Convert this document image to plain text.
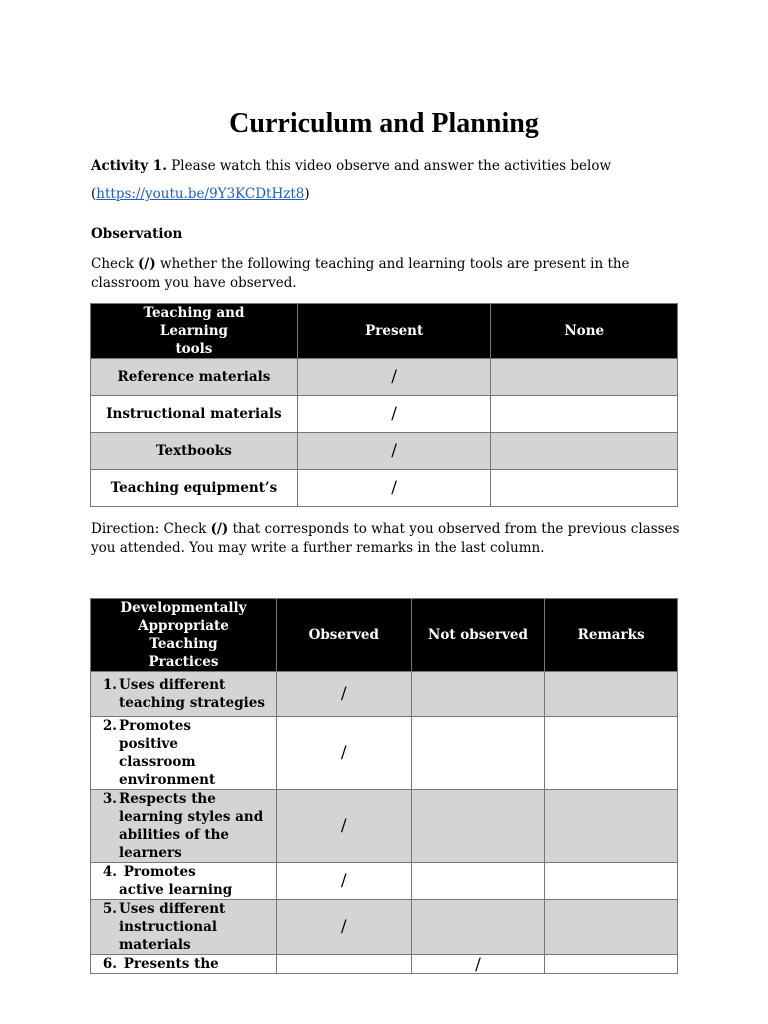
Curriculum and Planning
Activity 1. Please watch this video observe and answer the activities below
(https://youtu.be/9Y3KCDtHzt8)
Observation
Check (/) whether the following teaching and learning tools are present in the classroom you have observed.
Teaching and Learning tools	Present	None
Reference materials	/	
Instructional materials	/	
Textbooks	/	
Teaching equipment’s	/	
Direction: Check (/) that corresponds to what you observed from the previous classes you attended. You may write a further remarks in the last column.
Developmentally Appropriate Teaching Practices	Observed	Not observed	Remarks
1. Uses different teaching strategies	/		
2. Promotes positive classroom environment	/		
3. Respects the learning styles and abilities of the learners	/		
4. Promotes active learning	/		
5. Uses different instructional materials	/		
6. Presents the		/	
